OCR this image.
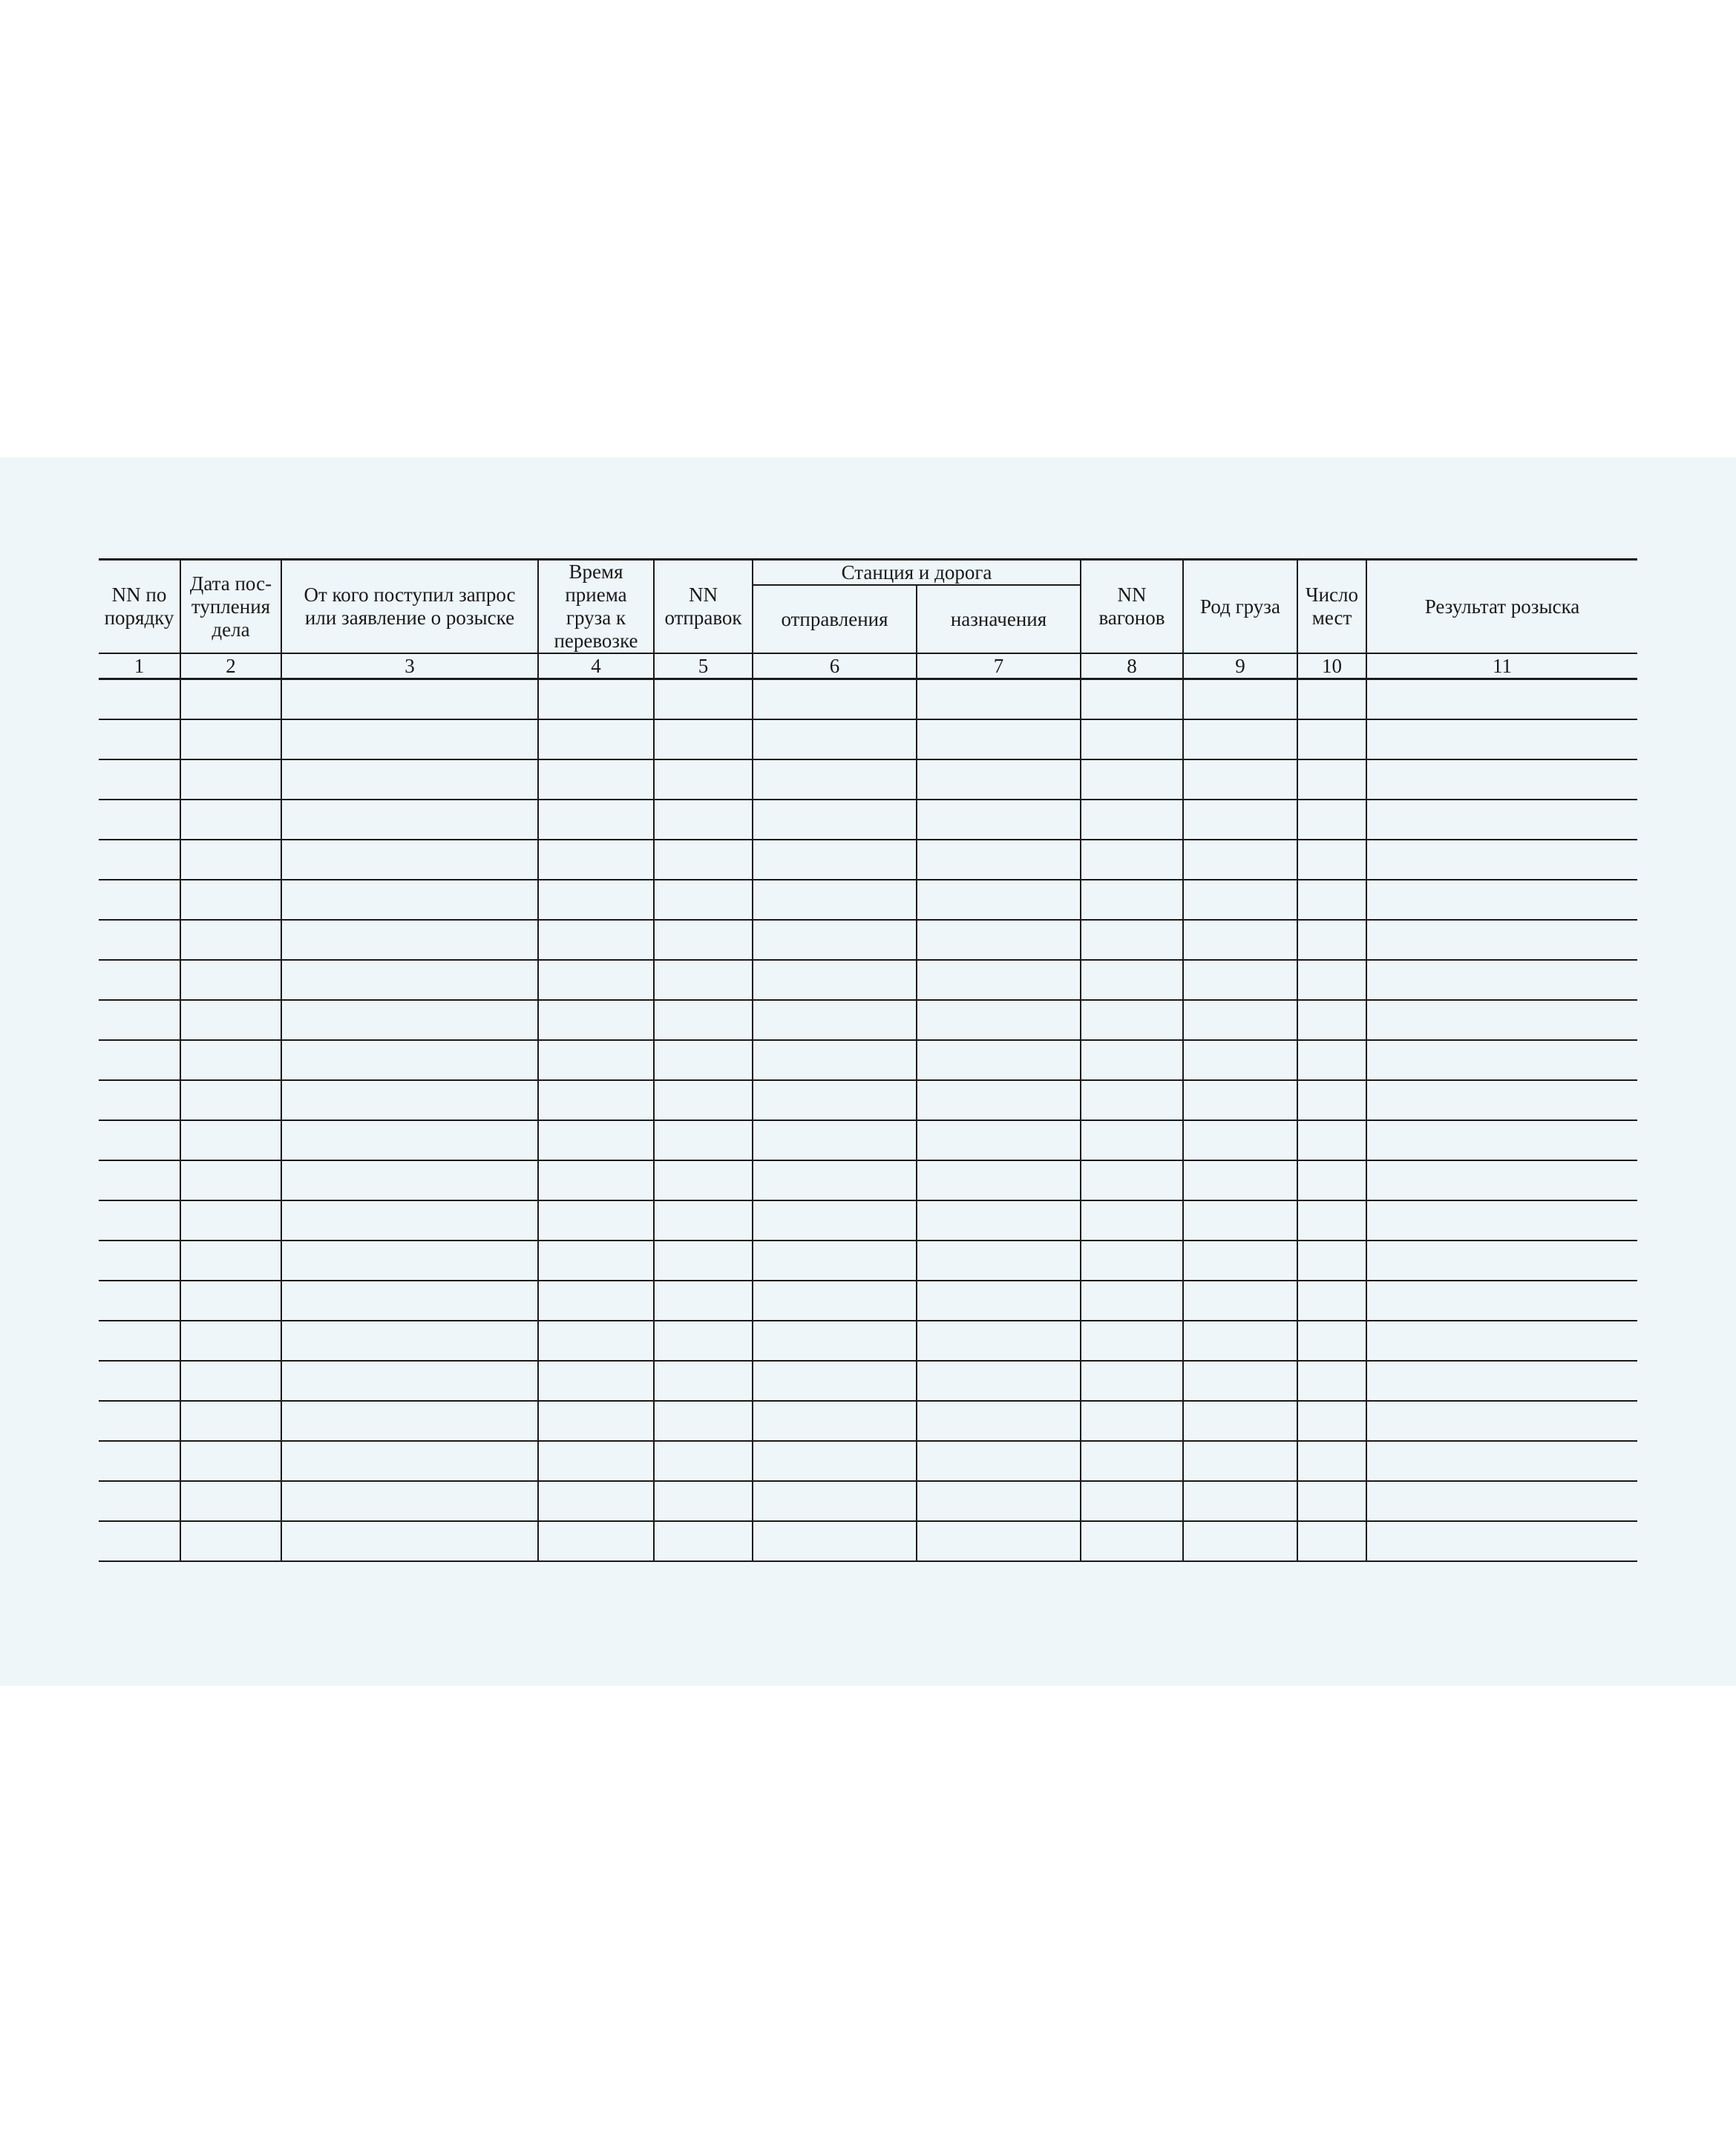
NN по порядку	Дата пос-тупления дела	От кого поступил запрос или заявление о розыске	Время приема груза к перевозке	NN отправок	Станция и дорога		NN вагонов	Род груза	Число мест	Результат розыска

					отправления	назначения				
1	2	3	4	5	6	7	8	9	10	11
